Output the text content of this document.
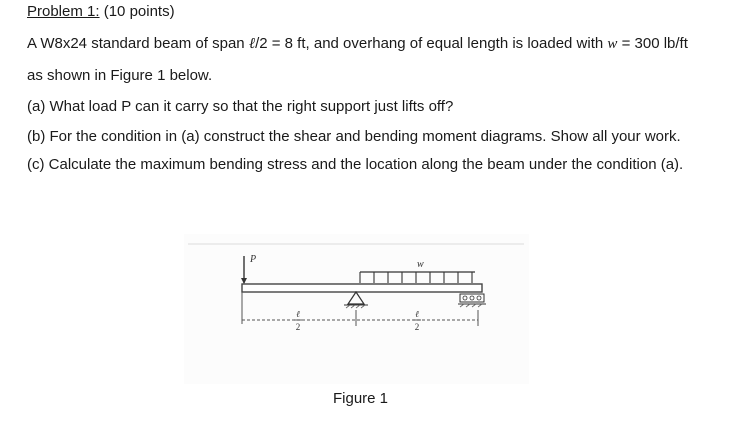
Problem 1: (10 points)
A W8x24 standard beam of span ℓ/2 = 8 ft, and overhang of equal length is loaded with w = 300 lb/ft
as shown in Figure 1 below.
(a) What load P can it carry so that the right support just lifts off?
(b) For the condition in (a) construct the shear and bending moment diagrams. Show all your work.
(c) Calculate the maximum bending stress and the location along the beam under the condition (a).
P	w
ℓ
2
ℓ
2
Figure 1
